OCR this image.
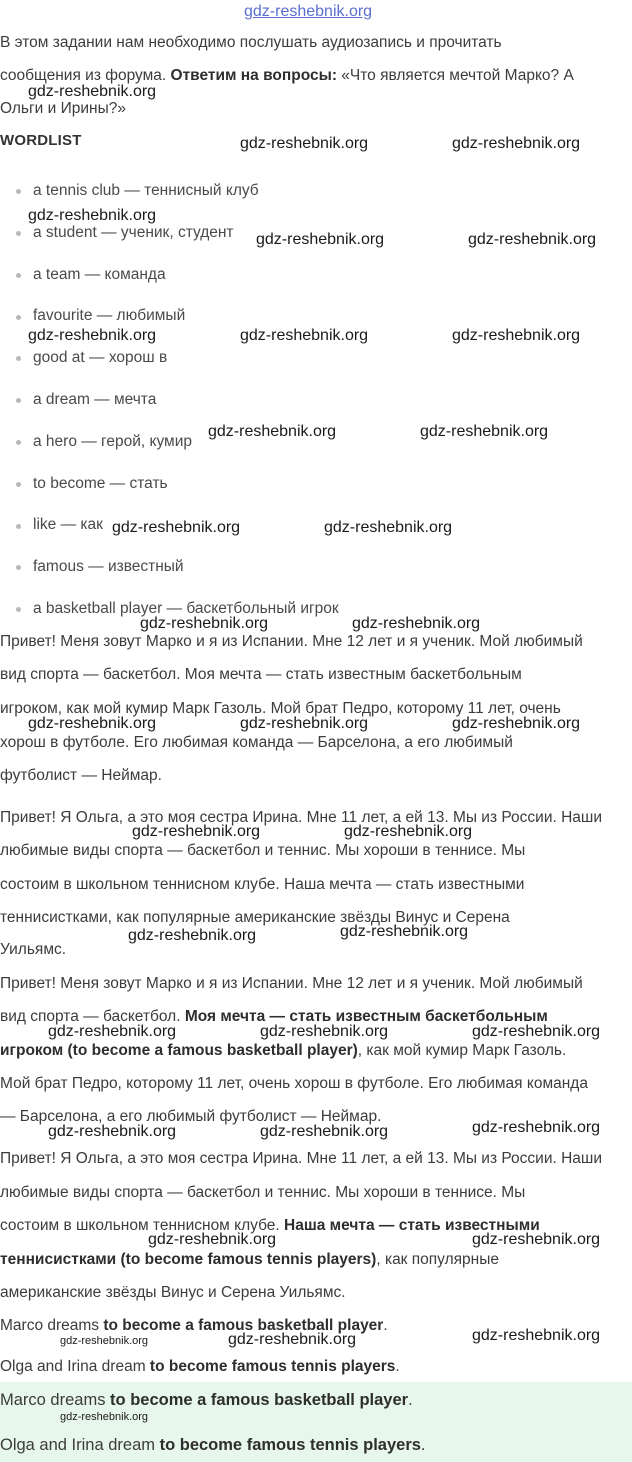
gdz-reshebnik.org
В этом задании нам необходимо послушать аудиозапись и прочитать
сообщения из форума. Ответим на вопросы: «Что является мечтой Марко? А
Ольги и Ирины?»
WORDLIST
a tennis club — теннисный клуб
a student — ученик, студент
a team — команда
favourite — любимый
good at — хорош в
a dream — мечта
a hero — герой, кумир
to become — стать
like — как
famous — известный
a basketball player — баскетбольный игрок
Привет! Меня зовут Марко и я из Испании. Мне 12 лет и я ученик. Мой любимый
вид спорта — баскетбол. Моя мечта — стать известным баскетбольным
игроком, как мой кумир Марк Газоль. Мой брат Педро, которому 11 лет, очень
хорош в футболе. Его любимая команда — Барселона, а его любимый
футболист — Неймар.
Привет! Я Ольга, а это моя сестра Ирина. Мне 11 лет, а ей 13. Мы из России. Наши
любимые виды спорта — баскетбол и теннис. Мы хороши в теннисе. Мы
состоим в школьном теннисном клубе. Наша мечта — стать известными
теннисистками, как популярные американские звёзды Винус и Серена
Уильямс.
Привет! Меня зовут Марко и я из Испании. Мне 12 лет и я ученик. Мой любимый
вид спорта — баскетбол. Моя мечта — стать известным баскетбольным
игроком (to become a famous basketball player), как мой кумир Марк Газоль.
Мой брат Педро, которому 11 лет, очень хорош в футболе. Его любимая команда
— Барселона, а его любимый футболист — Неймар.
Привет! Я Ольга, а это моя сестра Ирина. Мне 11 лет, а ей 13. Мы из России. Наши
любимые виды спорта — баскетбол и теннис. Мы хороши в теннисе. Мы
состоим в школьном теннисном клубе. Наша мечта — стать известными
теннисистками (to become famous tennis players), как популярные
американские звёзды Винус и Серена Уильямс.
Marco dreams to become a famous basketball player.
Olga and Irina dream to become famous tennis players.
Marco dreams to become a famous basketball player.
Olga and Irina dream to become famous tennis players.
gdz-reshebnik.org
gdz-reshebnik.org	gdz-reshebnik.org
gdz-reshebnik.org
gdz-reshebnik.org	gdz-reshebnik.org
gdz-reshebnik.org	gdz-reshebnik.org	gdz-reshebnik.org
gdz-reshebnik.org	gdz-reshebnik.org
gdz-reshebnik.org	gdz-reshebnik.org
gdz-reshebnik.org	gdz-reshebnik.org
gdz-reshebnik.org	gdz-reshebnik.org	gdz-reshebnik.org
gdz-reshebnik.org	gdz-reshebnik.org
gdz-reshebnik.org	gdz-reshebnik.org
gdz-reshebnik.org	gdz-reshebnik.org	gdz-reshebnik.org
gdz-reshebnik.org	gdz-reshebnik.org	gdz-reshebnik.org
gdz-reshebnik.org	gdz-reshebnik.org
gdz-reshebnik.org	gdz-reshebnik.org	gdz-reshebnik.org
gdz-reshebnik.org
